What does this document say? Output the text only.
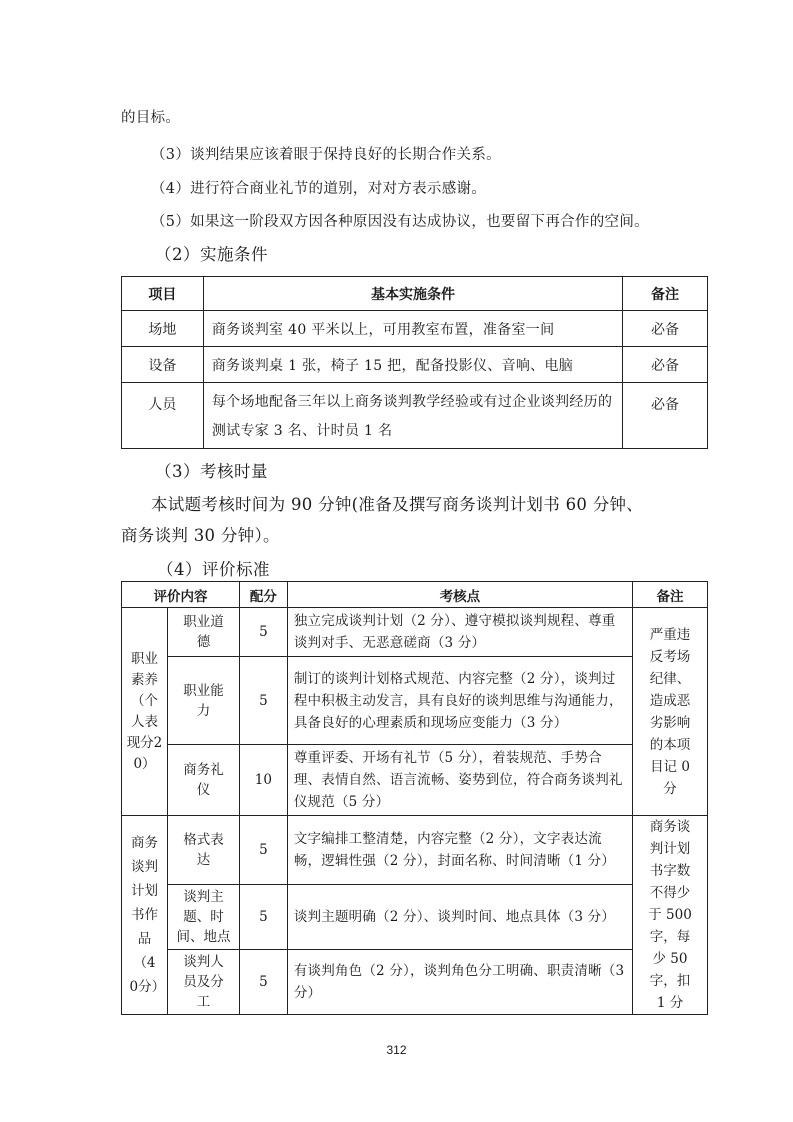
的目标。
（3）谈判结果应该着眼于保持良好的长期合作关系。
（4）进行符合商业礼节的道别，对对方表示感谢。
（5）如果这一阶段双方因各种原因没有达成协议，也要留下再合作的空间。
（2）实施条件
项目	基本实施条件	备注
场地	商务谈判室 40 平米以上，可用教室布置，准备室一间	必备
设备	商务谈判桌 1 张，椅子 15 把，配备投影仪、音响、电脑	必备
人员	每个场地配备三年以上商务谈判教学经验或有过企业谈判经历的测试专家 3 名、计时员 1 名	必备
（3）考核时量
本试题考核时间为 90 分钟(准备及撰写商务谈判计划书 60 分钟、
商务谈判 30 分钟）。
（4）评价标准
评价内容		配分	考核点	备注

职业素养（个人表现分20）	职业道德	5	独立完成谈判计划（2 分）、遵守模拟谈判规程、尊重谈判对手、无恶意磋商（3 分）	严重违反考场纪律、造成恶劣影响的本项目记 0 分

	职业能力	5	制订的谈判计划格式规范、内容完整（2 分），谈判过程中积极主动发言，具有良好的谈判思维与沟通能力，具备良好的心理素质和现场应变能力（3 分）	

	商务礼仪	10	尊重评委、开场有礼节（5 分），着装规范、手势合理、表情自然、语言流畅、姿势到位，符合商务谈判礼仪规范（5 分）	

商务谈判计划书作品（40分）	格式表达	5	文字编排工整清楚，内容完整（2 分），文字表达流畅，逻辑性强（2 分），封面名称、时间清晰（1 分）	商务谈判计划书字数不得少于 500 字，每少 50 字，扣 1 分

	谈判主题、时间、地点	5	谈判主题明确（2 分）、谈判时间、地点具体（3 分）	

	谈判人员及分工	5	有谈判角色（2 分），谈判角色分工明确、职责清晰（3 分）	
312
